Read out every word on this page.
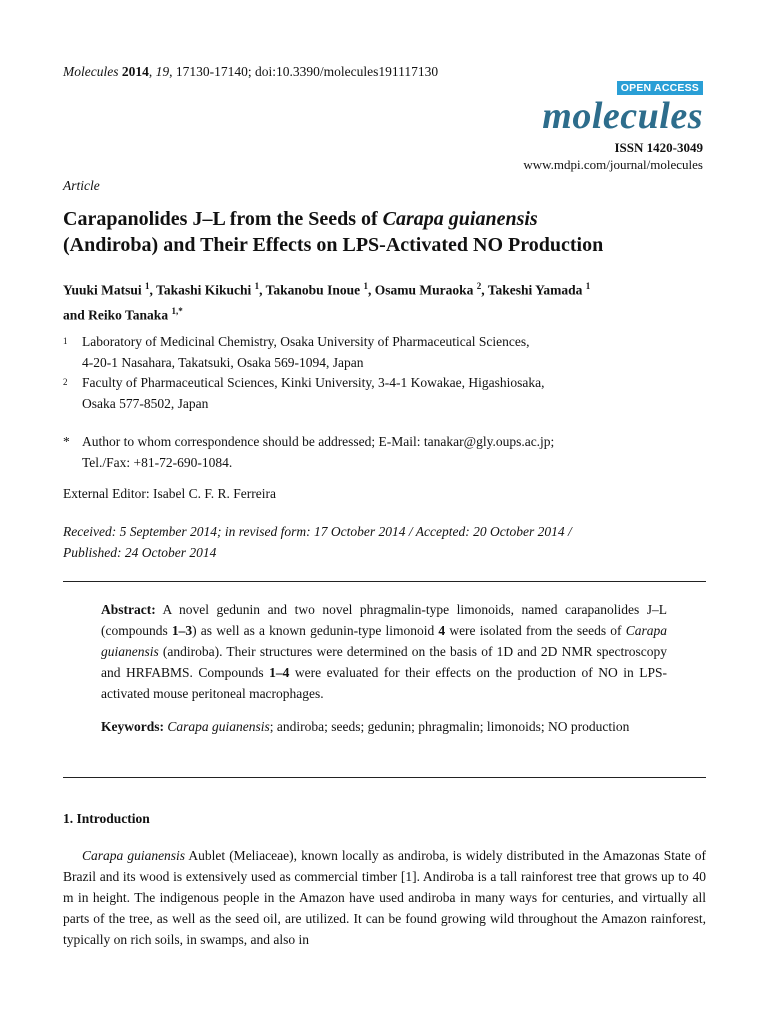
Molecules 2014, 19, 17130-17140; doi:10.3390/molecules191117130
OPEN ACCESS
molecules
ISSN 1420-3049
www.mdpi.com/journal/molecules
Article
Carapanolides J–L from the Seeds of Carapa guianensis
(Andiroba) and Their Effects on LPS-Activated NO Production
Yuuki Matsui $^1$, Takashi Kikuchi $^1$, Takanobu Inoue $^1$, Osamu Muraoka $^2$, Takeshi Yamada $^1$
and Reiko Tanaka $^{1,*}$
1 Laboratory of Medicinal Chemistry, Osaka University of Pharmaceutical Sciences,
4-20-1 Nasahara, Takatsuki, Osaka 569-1094, Japan
2 Faculty of Pharmaceutical Sciences, Kinki University, 3-4-1 Kowakae, Higashiosaka,
Osaka 577-8502, Japan
* Author to whom correspondence should be addressed; E-Mail: tanakar@gly.oups.ac.jp;
Tel./Fax: +81-72-690-1084.
External Editor: Isabel C. F. R. Ferreira
Received: 5 September 2014; in revised form: 17 October 2014 / Accepted: 20 October 2014 /
Published: 24 October 2014
Abstract: A novel gedunin and two novel phragmalin-type limonoids, named carapanolides J–L (compounds 1–3) as well as a known gedunin-type limonoid 4 were isolated from the seeds of Carapa guianensis (andiroba). Their structures were determined on the basis of 1D and 2D NMR spectroscopy and HRFABMS. Compounds 1–4 were evaluated for their effects on the production of NO in LPS-activated mouse peritoneal macrophages.
Keywords: Carapa guianensis; andiroba; seeds; gedunin; phragmalin; limonoids; NO production
1. Introduction
Carapa guianensis Aublet (Meliaceae), known locally as andiroba, is widely distributed in the Amazonas State of Brazil and its wood is extensively used as commercial timber [1]. Andiroba is a tall rainforest tree that grows up to 40 m in height. The indigenous people in the Amazon have used andiroba in many ways for centuries, and virtually all parts of the tree, as well as the seed oil, are utilized. It can be found growing wild throughout the Amazon rainforest, typically on rich soils, in swamps, and also in
